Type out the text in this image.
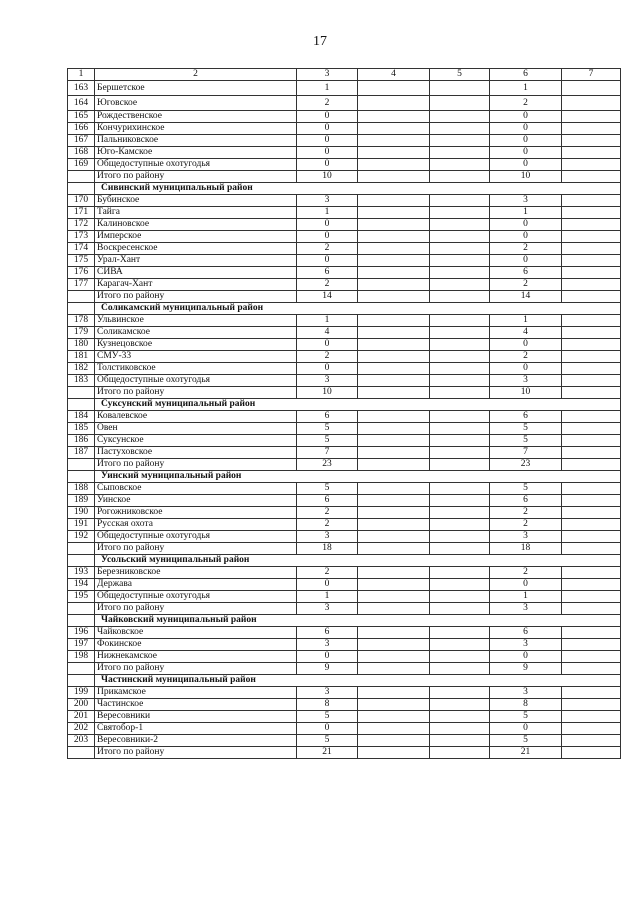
17
1	2	3	4	5	6	7
163	Бершетское	1			1	
164	Юговское	2			2	
165	Рождественское	0			0	
166	Кончурихинское	0			0	
167	Пальниковское	0			0	
168	Юго-Камское	0			0	
169	Общедоступные охотугодья	0			0	
	Итого по району	10			10	
	Сивинский муниципальный район					
170	Бубинское	3			3	
171	Тайга	1			1	
172	Калиновское	0			0	
173	Имперское	0			0	
174	Воскресенское	2			2	
175	Урал-Хант	0			0	
176	СИВА	6			6	
177	Карагач-Хант	2			2	
	Итого по району	14			14	
	Соликамский муниципальный район					
178	Ульвинское	1			1	
179	Соликамское	4			4	
180	Кузнецовское	0			0	
181	СМУ-33	2			2	
182	Толстиковское	0			0	
183	Общедоступные охотугодья	3			3	
	Итого по району	10			10	
	Суксунский муниципальный район					
184	Ковалевское	6			6	
185	Овен	5			5	
186	Суксунское	5			5	
187	Пастуховское	7			7	
	Итого по району	23			23	
	Уинский муниципальный район					
188	Сыповское	5			5	
189	Уинское	6			6	
190	Рогожниковское	2			2	
191	Русская охота	2			2	
192	Общедоступные охотугодья	3			3	
	Итого по району	18			18	
	Усольский муниципальный район					
193	Березниковское	2			2	
194	Держава	0			0	
195	Общедоступные охотугодья	1			1	
	Итого по району	3			3	
	Чайковский муниципальный район					
196	Чайковское	6			6	
197	Фокинское	3			3	
198	Нижнекамское	0			0	
	Итого по району	9			9	
	Частинский муниципальный район					
199	Прикамское	3			3	
200	Частинское	8			8	
201	Вересовники	5			5	
202	Святобор-1	0			0	
203	Вересовники-2	5			5	
	Итого по району	21			21	
